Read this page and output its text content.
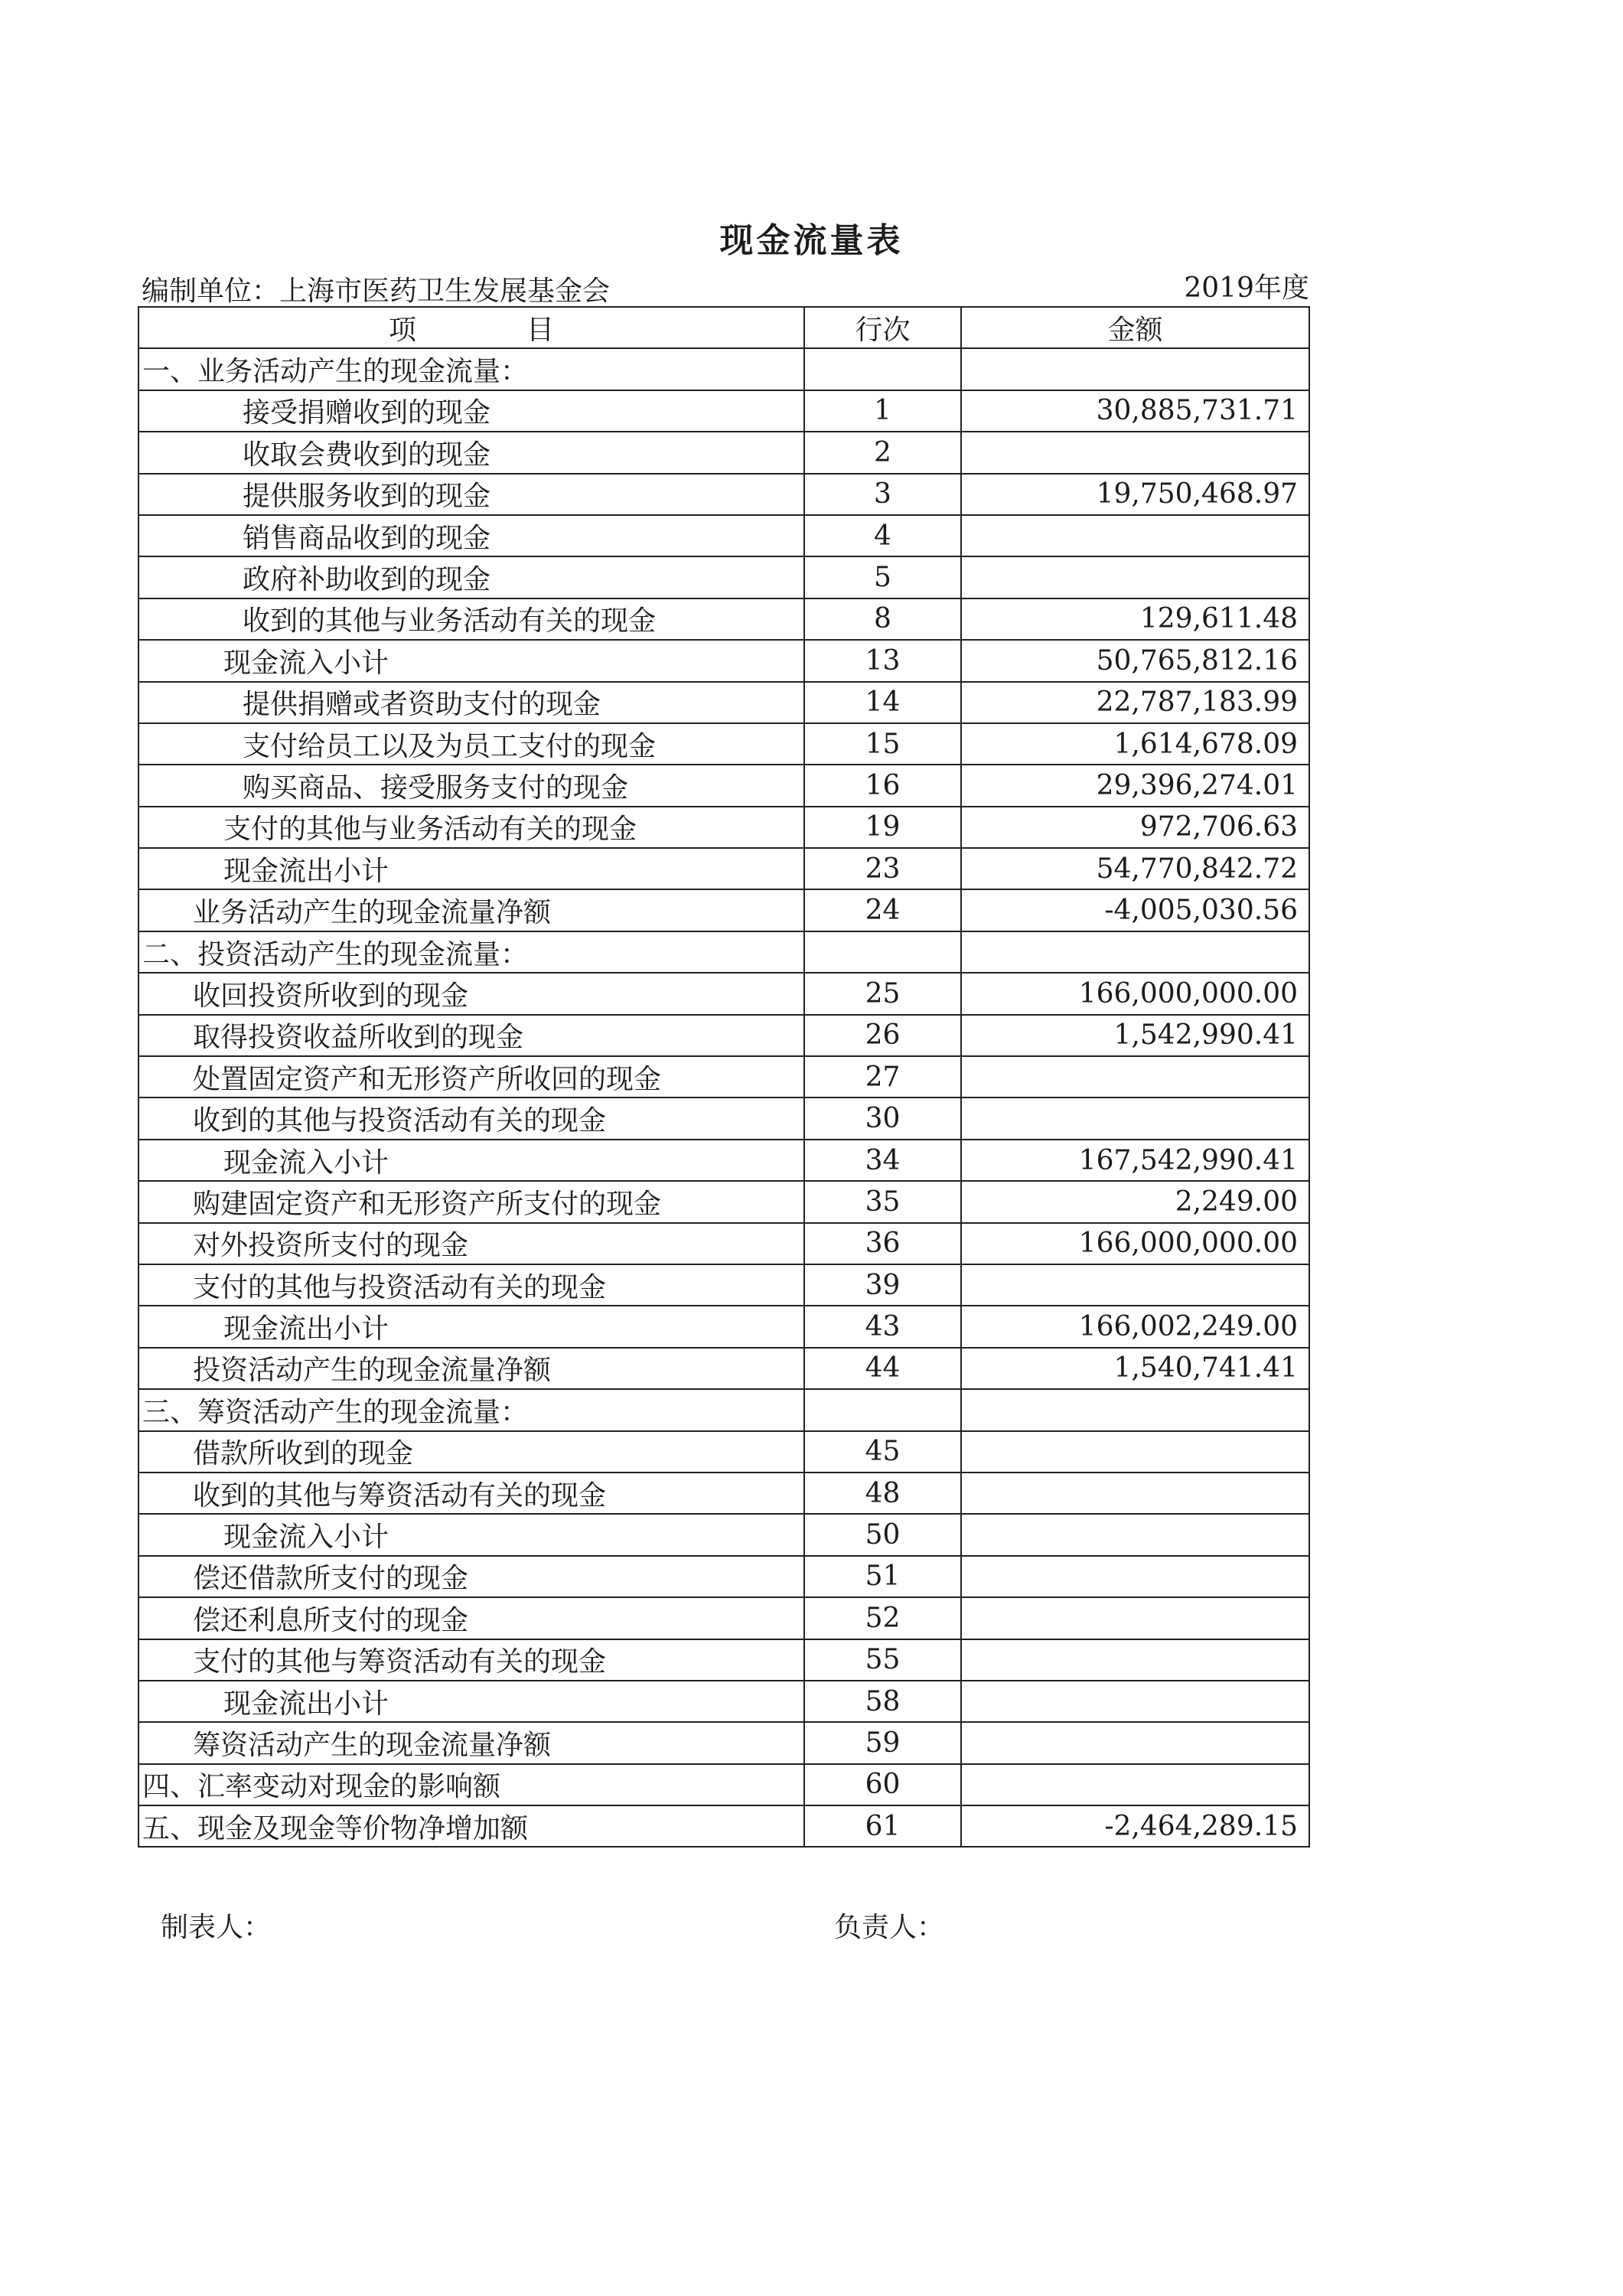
现金流量表
编制单位：上海市医药卫生发展基金会	2019年度
项　　　　目	行次	金额
一、业务活动产生的现金流量：		
接受捐赠收到的现金	1	30,885,731.71
收取会费收到的现金	2	
提供服务收到的现金	3	19,750,468.97
销售商品收到的现金	4	
政府补助收到的现金	5	
收到的其他与业务活动有关的现金	8	129,611.48
现金流入小计	13	50,765,812.16
提供捐赠或者资助支付的现金	14	22,787,183.99
支付给员工以及为员工支付的现金	15	1,614,678.09
购买商品、接受服务支付的现金	16	29,396,274.01
支付的其他与业务活动有关的现金	19	972,706.63
现金流出小计	23	54,770,842.72
业务活动产生的现金流量净额	24	-4,005,030.56
二、投资活动产生的现金流量：		
收回投资所收到的现金	25	166,000,000.00
取得投资收益所收到的现金	26	1,542,990.41
处置固定资产和无形资产所收回的现金	27	
收到的其他与投资活动有关的现金	30	
现金流入小计	34	167,542,990.41
购建固定资产和无形资产所支付的现金	35	2,249.00
对外投资所支付的现金	36	166,000,000.00
支付的其他与投资活动有关的现金	39	
现金流出小计	43	166,002,249.00
投资活动产生的现金流量净额	44	1,540,741.41
三、筹资活动产生的现金流量：		
借款所收到的现金	45	
收到的其他与筹资活动有关的现金	48	
现金流入小计	50	
偿还借款所支付的现金	51	
偿还利息所支付的现金	52	
支付的其他与筹资活动有关的现金	55	
现金流出小计	58	
筹资活动产生的现金流量净额	59	
四、汇率变动对现金的影响额	60	
五、现金及现金等价物净增加额	61	-2,464,289.15
制表人：	负责人：
